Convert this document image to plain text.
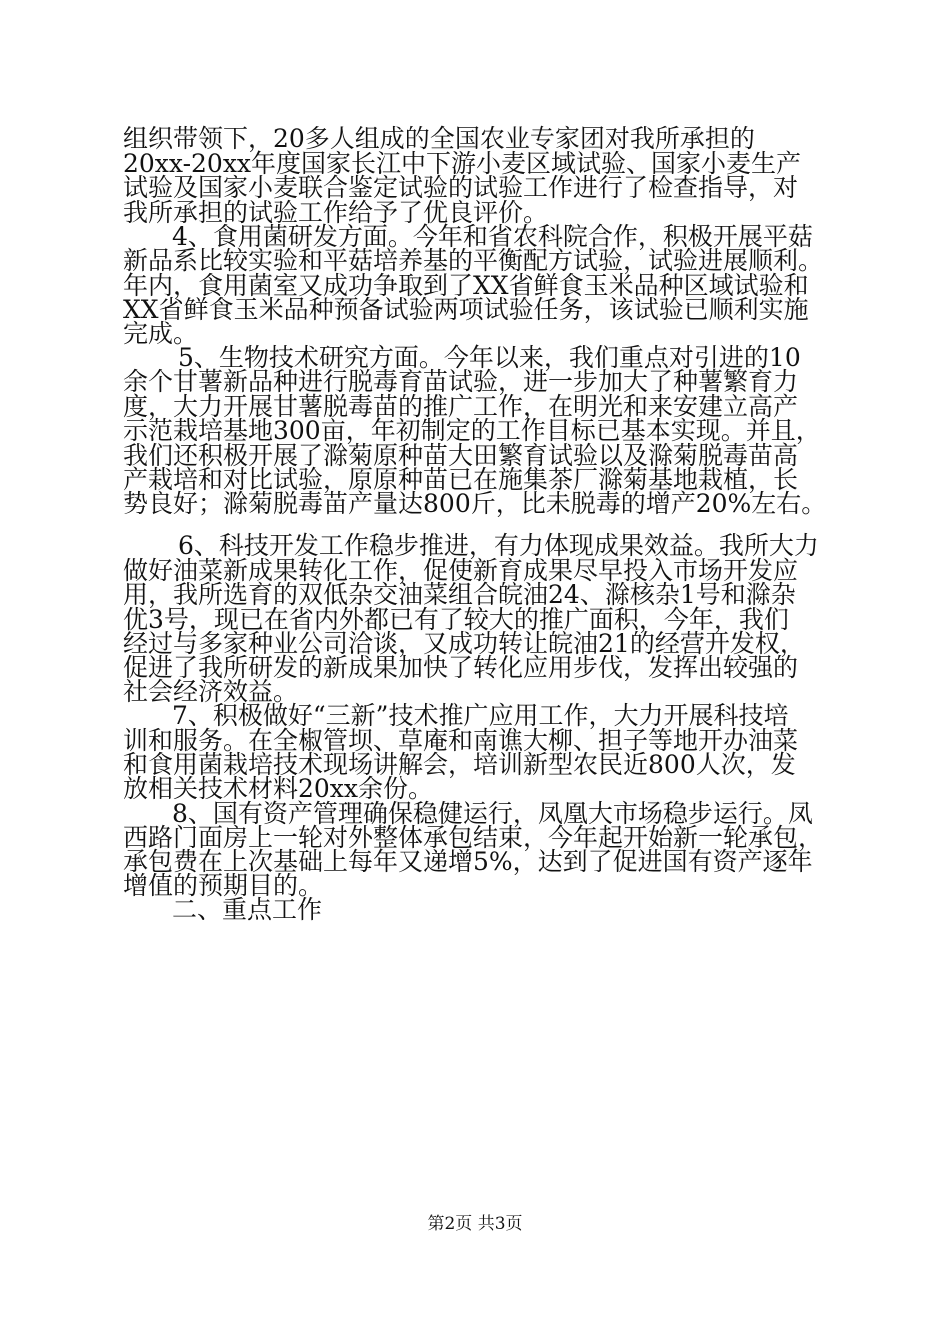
组织带领下，20多人组成的全国农业专家团对我所承担的
20xx-20xx年度国家长江中下游小麦区域试验、国家小麦生产
试验及国家小麦联合鉴定试验的试验工作进行了检查指导，对
我所承担的试验工作给予了优良评价。
4、食用菌研发方面。今年和省农科院合作，积极开展平菇
新品系比较实验和平菇培养基的平衡配方试验，试验进展顺利。
年内，食用菌室又成功争取到了XX省鲜食玉米品种区域试验和
XX省鲜食玉米品种预备试验两项试验任务，该试验已顺利实施
完成。
5、生物技术研究方面。今年以来，我们重点对引进的10
余个甘薯新品种进行脱毒育苗试验，进一步加大了种薯繁育力
度，大力开展甘薯脱毒苗的推广工作，在明光和来安建立高产
示范栽培基地300亩，年初制定的工作目标已基本实现。并且，
我们还积极开展了滁菊原种苗大田繁育试验以及滁菊脱毒苗高
产栽培和对比试验，原原种苗已在施集茶厂滁菊基地栽植，长
势良好；滁菊脱毒苗产量达800斤，比未脱毒的增产20%左右。
6、科技开发工作稳步推进，有力体现成果效益。我所大力
做好油菜新成果转化工作，促使新育成果尽早投入市场开发应
用，我所选育的双低杂交油菜组合皖油24、滁核杂1号和滁杂
优3号，现已在省内外都已有了较大的推广面积，今年，我们
经过与多家种业公司洽谈，又成功转让皖油21的经营开发权，
促进了我所研发的新成果加快了转化应用步伐，发挥出较强的
社会经济效益。
7、积极做好“三新”技术推广应用工作，大力开展科技培
训和服务。在全椒管坝、草庵和南谯大柳、担子等地开办油菜
和食用菌栽培技术现场讲解会，培训新型农民近800人次，发
放相关技术材料20xx余份。
8、国有资产管理确保稳健运行，凤凰大市场稳步运行。凤
西路门面房上一轮对外整体承包结束，今年起开始新一轮承包，
承包费在上次基础上每年又递增5%，达到了促进国有资产逐年
增值的预期目的。
二、重点工作
第2页 共3页
